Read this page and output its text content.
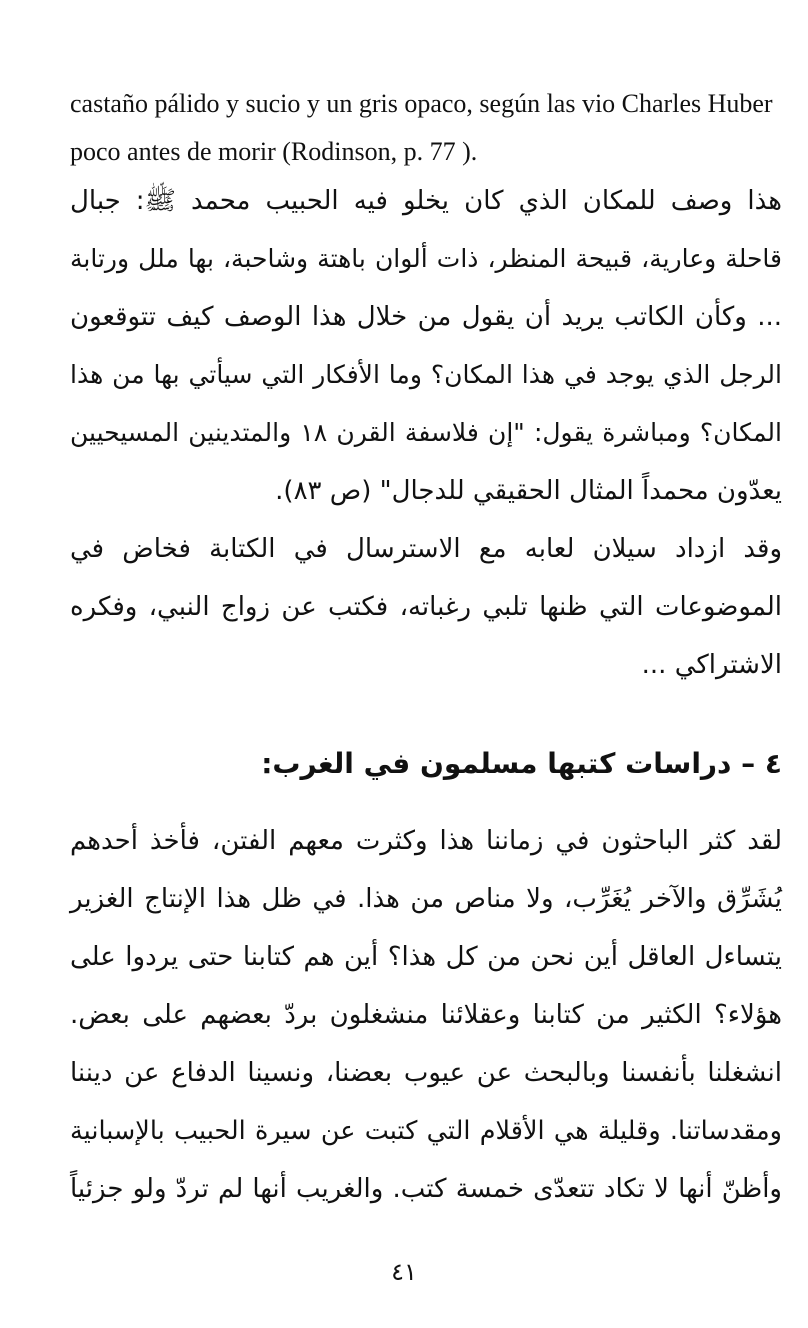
castaño pálido y sucio y un gris opaco, según las vio Charles Huber
poco antes de morir (Rodinson, p. 77 ).
هذا وصف للمكان الذي كان يخلو فيه الحبيب محمد ﷺ: جبال
قاحلة وعارية، قبيحة المنظر، ذات ألوان باهتة وشاحبة، بها ملل ورتابة
... وكأن الكاتب يريد أن يقول من خلال هذا الوصف كيف تتوقعون
الرجل الذي يوجد في هذا المكان؟ وما الأفكار التي سيأتي بها من هذا
المكان؟ ومباشرة يقول: "إن فلاسفة القرن ١٨ والمتدينين المسيحيين
يعدّون محمداً المثال الحقيقي للدجال" (ص ٨٣).
وقد ازداد سيلان لعابه مع الاسترسال في الكتابة فخاض في
الموضوعات التي ظنها تلبي رغباته، فكتب عن زواج النبي، وفكره
الاشتراكي ...
٤ – دراسات كتبها مسلمون في الغرب:
لقد كثر الباحثون في زماننا هذا وكثرت معهم الفتن، فأخذ أحدهم
يُشَرِّق والآخر يُغَرِّب، ولا مناص من هذا. في ظل هذا الإنتاج الغزير
يتساءل العاقل أين نحن من كل هذا؟ أين هم كتابنا حتى يردوا على
هؤلاء؟ الكثير من كتابنا وعقلائنا منشغلون بردّ بعضهم على بعض.
انشغلنا بأنفسنا وبالبحث عن عيوب بعضنا، ونسينا الدفاع عن ديننا
ومقدساتنا. وقليلة هي الأقلام التي كتبت عن سيرة الحبيب بالإسبانية
وأظنّ أنها لا تكاد تتعدّى خمسة كتب. والغريب أنها لم تردّ ولو جزئياً
٤١
